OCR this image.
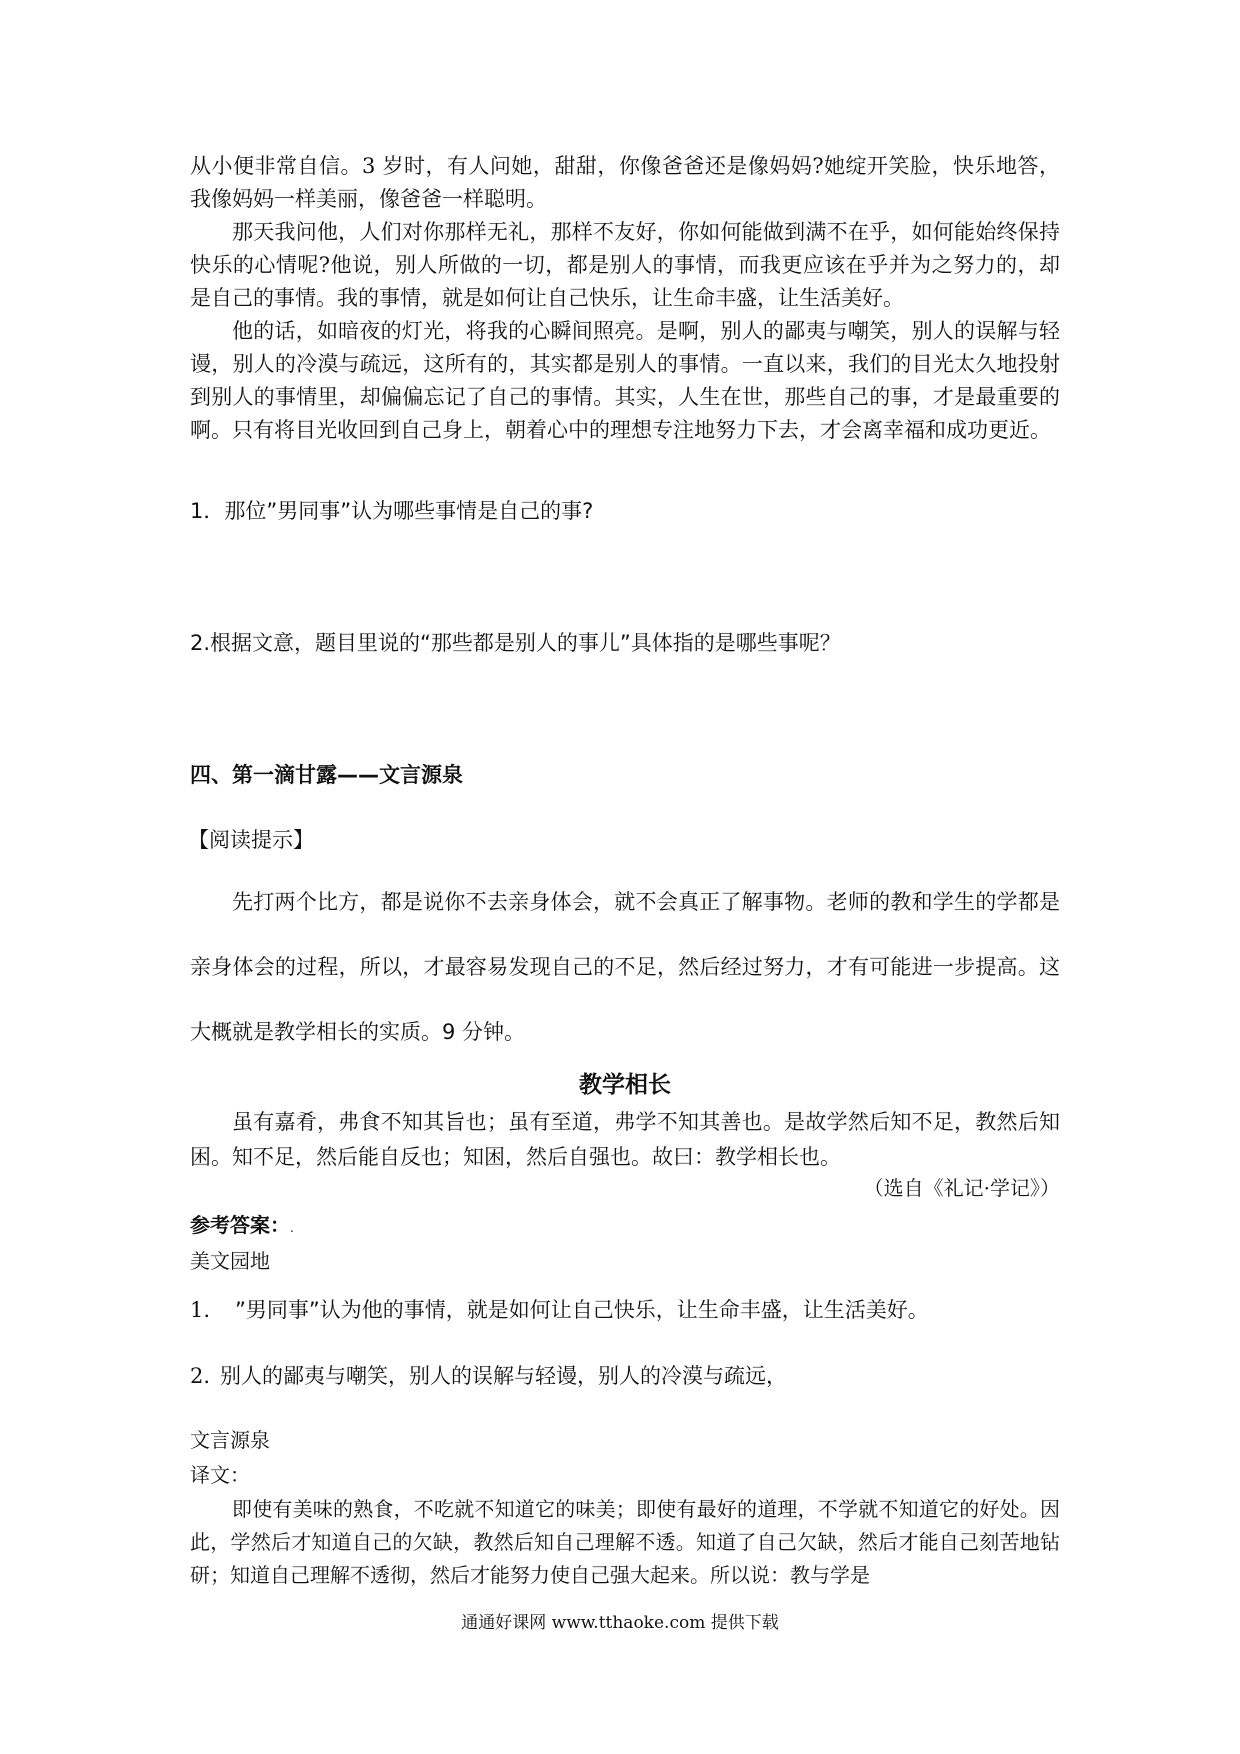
从小便非常自信。3 岁时，有人问她，甜甜，你像爸爸还是像妈妈?她绽开笑脸，快乐地答，我像妈妈一样美丽，像爸爸一样聪明。

那天我问他，人们对你那样无礼，那样不友好，你如何能做到满不在乎，如何能始终保持快乐的心情呢?他说，别人所做的一切，都是别人的事情，而我更应该在乎并为之努力的，却是自己的事情。我的事情，就是如何让自己快乐，让生命丰盛，让生活美好。

他的话，如暗夜的灯光，将我的心瞬间照亮。是啊，别人的鄙夷与嘲笑，别人的误解与轻谩，别人的冷漠与疏远，这所有的，其实都是别人的事情。一直以来，我们的目光太久地投射到别人的事情里，却偏偏忘记了自己的事情。其实，人生在世，那些自己的事，才是最重要的啊。只有将目光收回到自己身上，朝着心中的理想专注地努力下去，才会离幸福和成功更近。

1．那位”男同事”认为哪些事情是自己的事?

2.根据文意，题目里说的“那些都是别人的事儿”具体指的是哪些事呢？

四、第一滴甘露——文言源泉

【阅读提示】

先打两个比方，都是说你不去亲身体会，就不会真正了解事物。老师的教和学生的学都是亲身体会的过程，所以，才最容易发现自己的不足，然后经过努力，才有可能进一步提高。这大概就是教学相长的实质。9 分钟。

教学相长

虽有嘉肴，弗食不知其旨也；虽有至道，弗学不知其善也。是故学然后知不足，教然后知困。知不足，然后能自反也；知困，然后自强也。故曰：教学相长也。

（选自《礼记·学记》）

参考答案：.

美文园地

1. ”男同事”认为他的事情，就是如何让自己快乐，让生命丰盛，让生活美好。

2. 别人的鄙夷与嘲笑，别人的误解与轻谩，别人的冷漠与疏远，

文言源泉

译文：

即使有美味的熟食，不吃就不知道它的味美；即使有最好的道理，不学就不知道它的好处。因此，学然后才知道自己的欠缺，教然后知自己理解不透。知道了自己欠缺，然后才能自己刻苦地钻研；知道自己理解不透彻，然后才能努力使自己强大起来。所以说：教与学是

通通好课网 www.tthaoke.com 提供下载
